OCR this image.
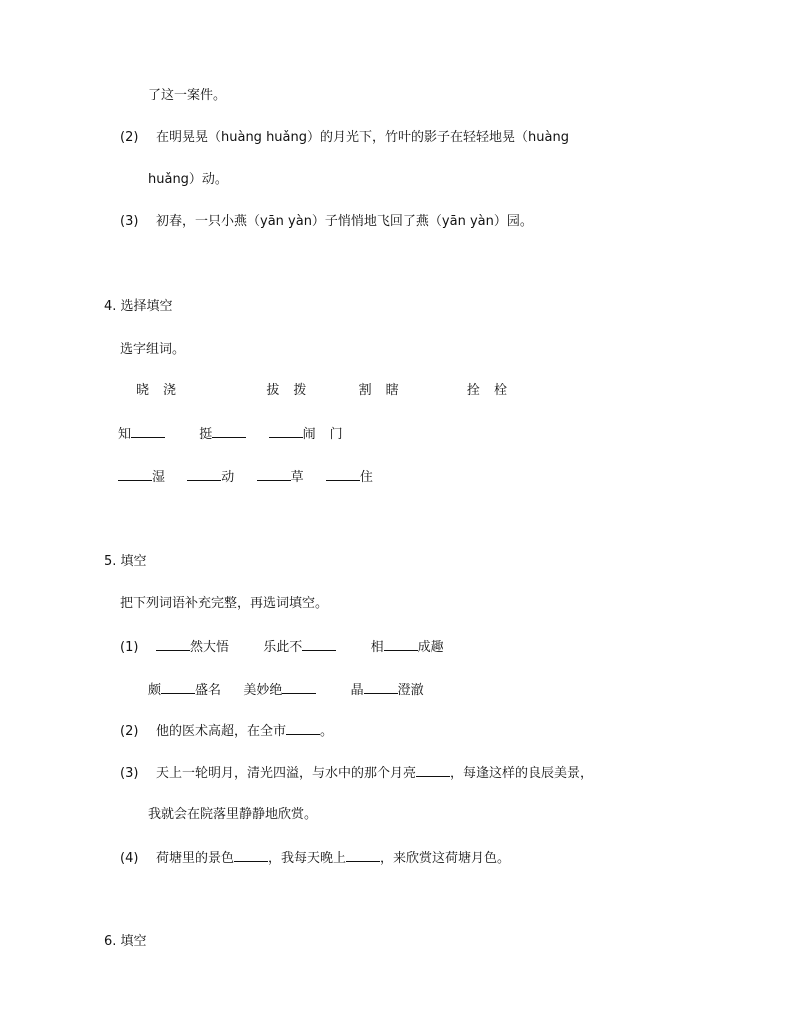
了这一案件。
(2) 在明晃晃（huàng huǎng）的月光下，竹叶的影子在轻轻地晃（huàng
huǎng）动。
(3) 初春，一只小燕（yān yàn）子悄悄地飞回了燕（yān yàn）园。
4. 选择填空
选字组词。
晓 浇	拔 拨	割 瞎	拴 栓
知	挺	闹 门
湿	动	草	住
5. 填空
把下列词语补充完整，再选词填空。
(1)	然大悟	乐此不	相	成趣
颇	盛名 美妙绝	晶	澄澈
(2) 他的医术高超，在全市	。
(3) 天上一轮明月，清光四溢，与水中的那个月亮	，每逢这样的良辰美景，
我就会在院落里静静地欣赏。
(4) 荷塘里的景色	，我每天晚上	，来欣赏这荷塘月色。
6. 填空
